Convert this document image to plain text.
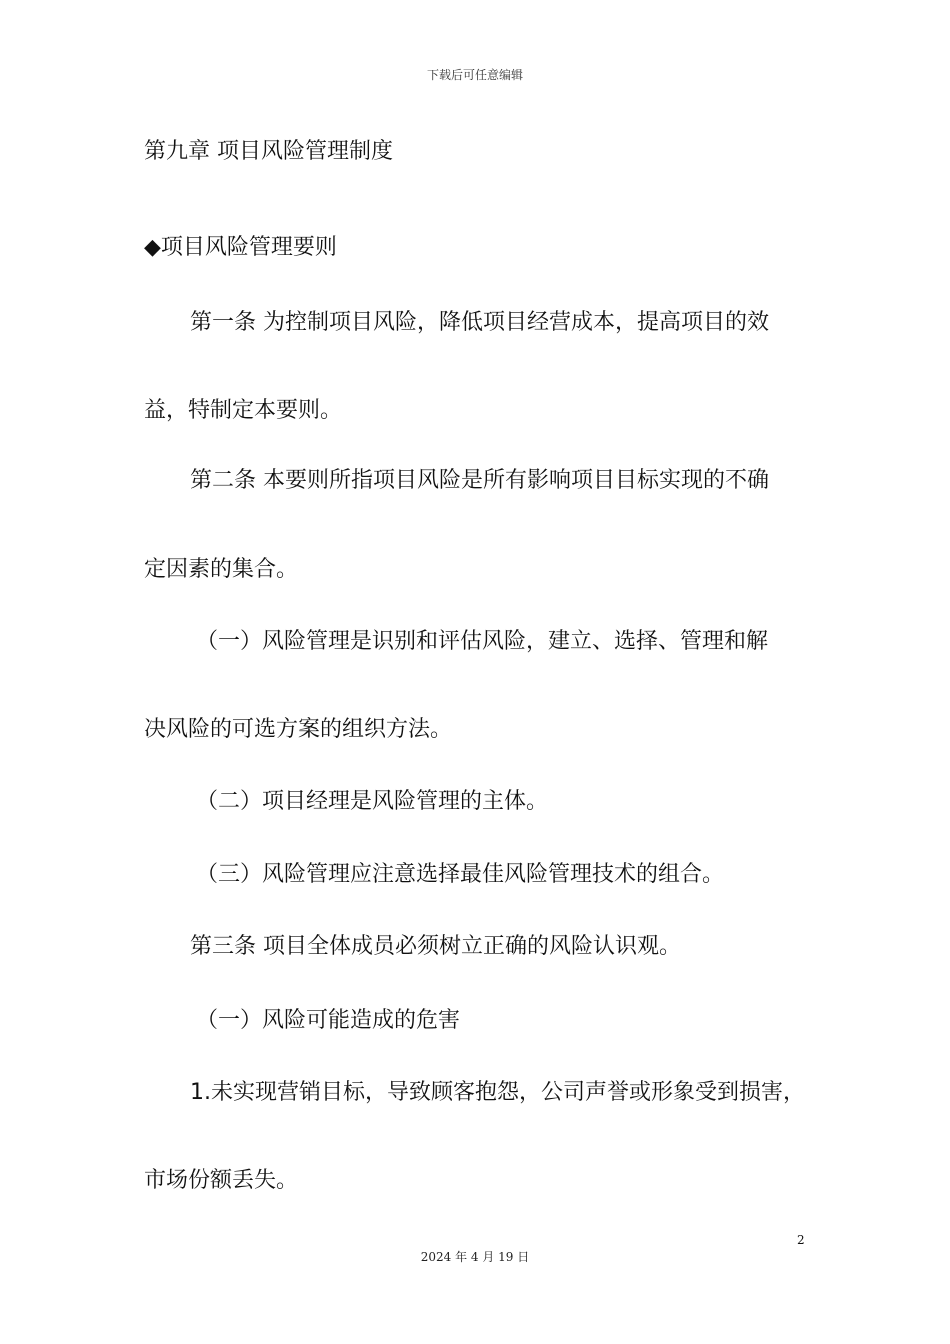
下载后可任意编辑
第九章 项目风险管理制度
◆项目风险管理要则
第一条 为控制项目风险，降低项目经营成本，提高项目的效
益，特制定本要则。
第二条 本要则所指项目风险是所有影响项目目标实现的不确
定因素的集合。
（一）风险管理是识别和评估风险，建立、选择、管理和解
决风险的可选方案的组织方法。
（二）项目经理是风险管理的主体。
（三）风险管理应注意选择最佳风险管理技术的组合。
第三条 项目全体成员必须树立正确的风险认识观。
（一）风险可能造成的危害
1.未实现营销目标，导致顾客抱怨，公司声誉或形象受到损害，
市场份额丢失。
2
2024 年 4 月 19 日
